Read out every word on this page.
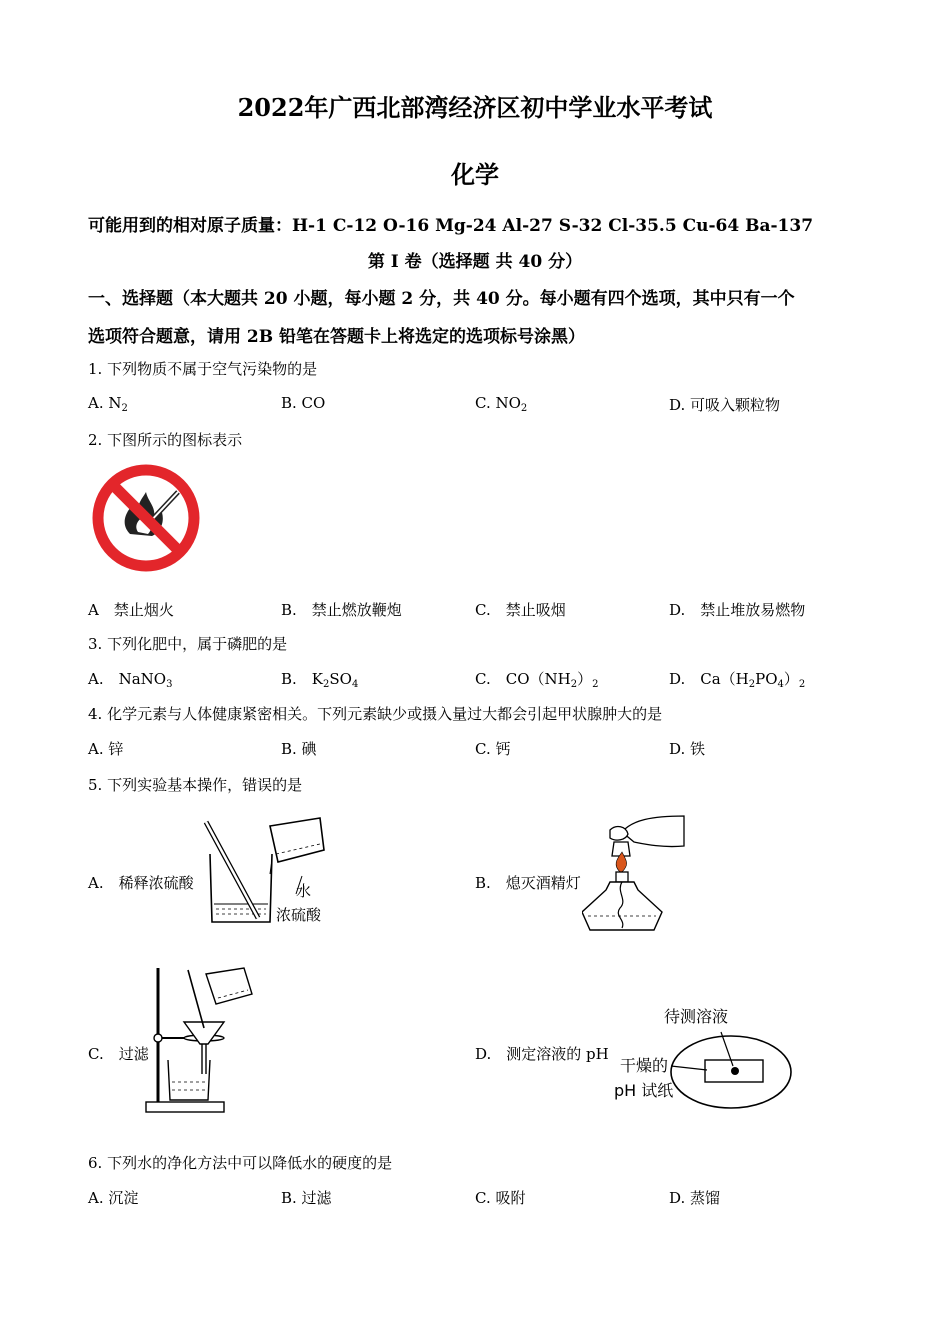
2022年广西北部湾经济区初中学业水平考试
化学
可能用到的相对原子质量：H-1 C-12 O-16 Mg-24 Al-27 S-32 Cl-35.5 Cu-64 Ba-137
第 I 卷（选择题 共 40 分）
一、选择题（本大题共 20 小题，每小题 2 分，共 40 分。每小题有四个选项，其中只有一个
选项符合题意，请用 2B 铅笔在答题卡上将选定的选项标号涂黑）
1. 下列物质不属于空气污染物的是
A. $N_2$	B. CO	C. $NO_2$	D. 可吸入颗粒物
2. 下图所示的图标表示
A　禁止烟火	B.　禁止燃放鞭炮	C.　禁止吸烟	D.　禁止堆放易燃物
3. 下列化肥中，属于磷肥的是
A.　NaNO$_3$	B.　$K_2SO_4$	C.　$CO(NH_2)_2$	D.　$Ca(H_2PO_4)_2$
4. 化学元素与人体健康紧密相关。下列元素缺少或摄入量过大都会引起甲状腺肿大的是
A. 锌	B. 碘	C. 钙	D. 铁
5. 下列实验基本操作，错误的是
A.　稀释浓硫酸	水
浓硫酸
B.　熄灭酒精灯
C.　过滤	D.　测定溶液的 pH
待测溶液
干燥的
pH 试纸
6. 下列水的净化方法中可以降低水的硬度的是
A. 沉淀	B. 过滤	C. 吸附	D. 蒸馏
